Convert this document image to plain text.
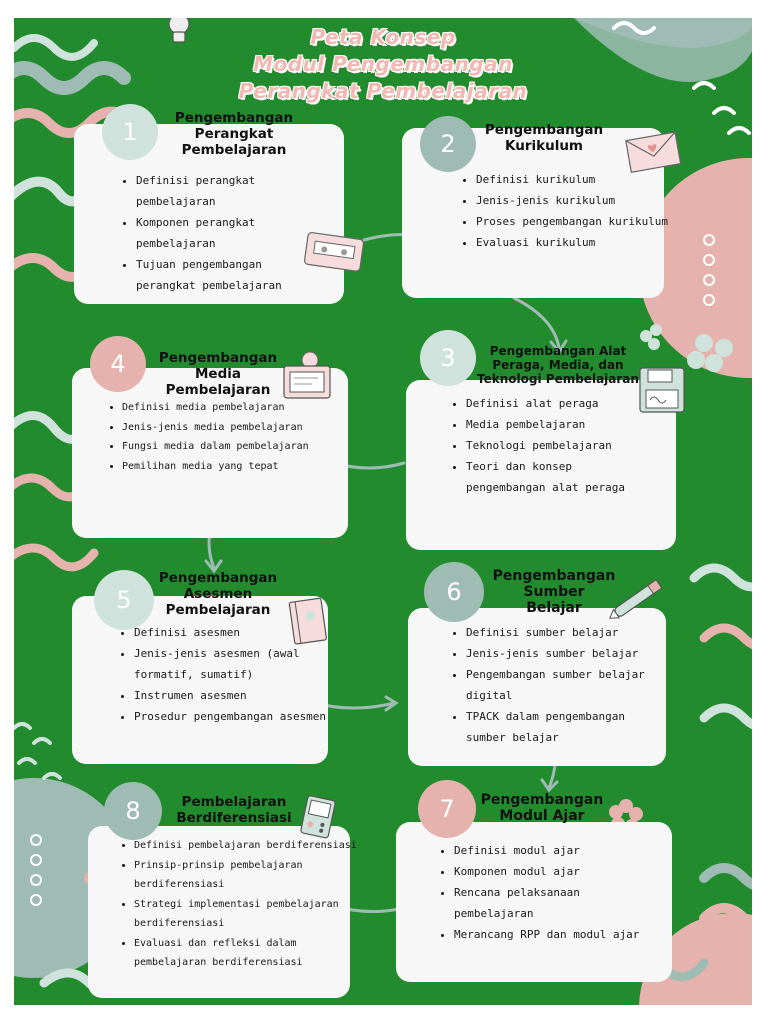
Peta Konsep
Modul Pengembangan
Perangkat Pembelajaran
1	Pengembangan
Perangkat
Pembelajaran
• Definisi perangkat pembelajaran
• Komponen perangkat pembelajaran
• Tujuan pengembangan perangkat pembelajaran
2	Pengembangan
Kurikulum
• Definisi kurikulum
• Jenis-jenis kurikulum
• Proses pengembangan kurikulum
• Evaluasi kurikulum
3	Pengembangan Alat
Peraga, Media, dan
Teknologi Pembelajaran
• Definisi alat peraga
• Media pembelajaran
• Teknologi pembelajaran
• Teori dan konsep pengembangan alat peraga
4	Pengembangan
Media
Pembelajaran
• Definisi media pembelajaran
• Jenis-jenis media pembelajaran
• Fungsi media dalam pembelajaran
• Pemilihan media yang tepat
5
Pengembangan
Asesmen
Pembelajaran
• Definisi asesmen
• Jenis-jenis asesmen (awal formatif, sumatif)
• Instrumen asesmen
• Prosedur pengembangan asesmen
6
Pengembangan
Sumber
Belajar
• Definisi sumber belajar
• Jenis-jenis sumber belajar
• Pengembangan sumber belajar digital
• TPACK dalam pengembangan sumber belajar
7	Pengembangan
Modul Ajar
• Definisi modul ajar
• Komponen modul ajar
• Rencana pelaksanaan pembelajaran
• Merancang RPP dan modul ajar
8	Pembelajaran
Berdiferensiasi
• Definisi pembelajaran berdiferensiasi
• Prinsip-prinsip pembelajaran berdiferensiasi
• Strategi implementasi pembelajaran berdiferensiasi
• Evaluasi dan refleksi dalam pembelajaran berdiferensiasi
